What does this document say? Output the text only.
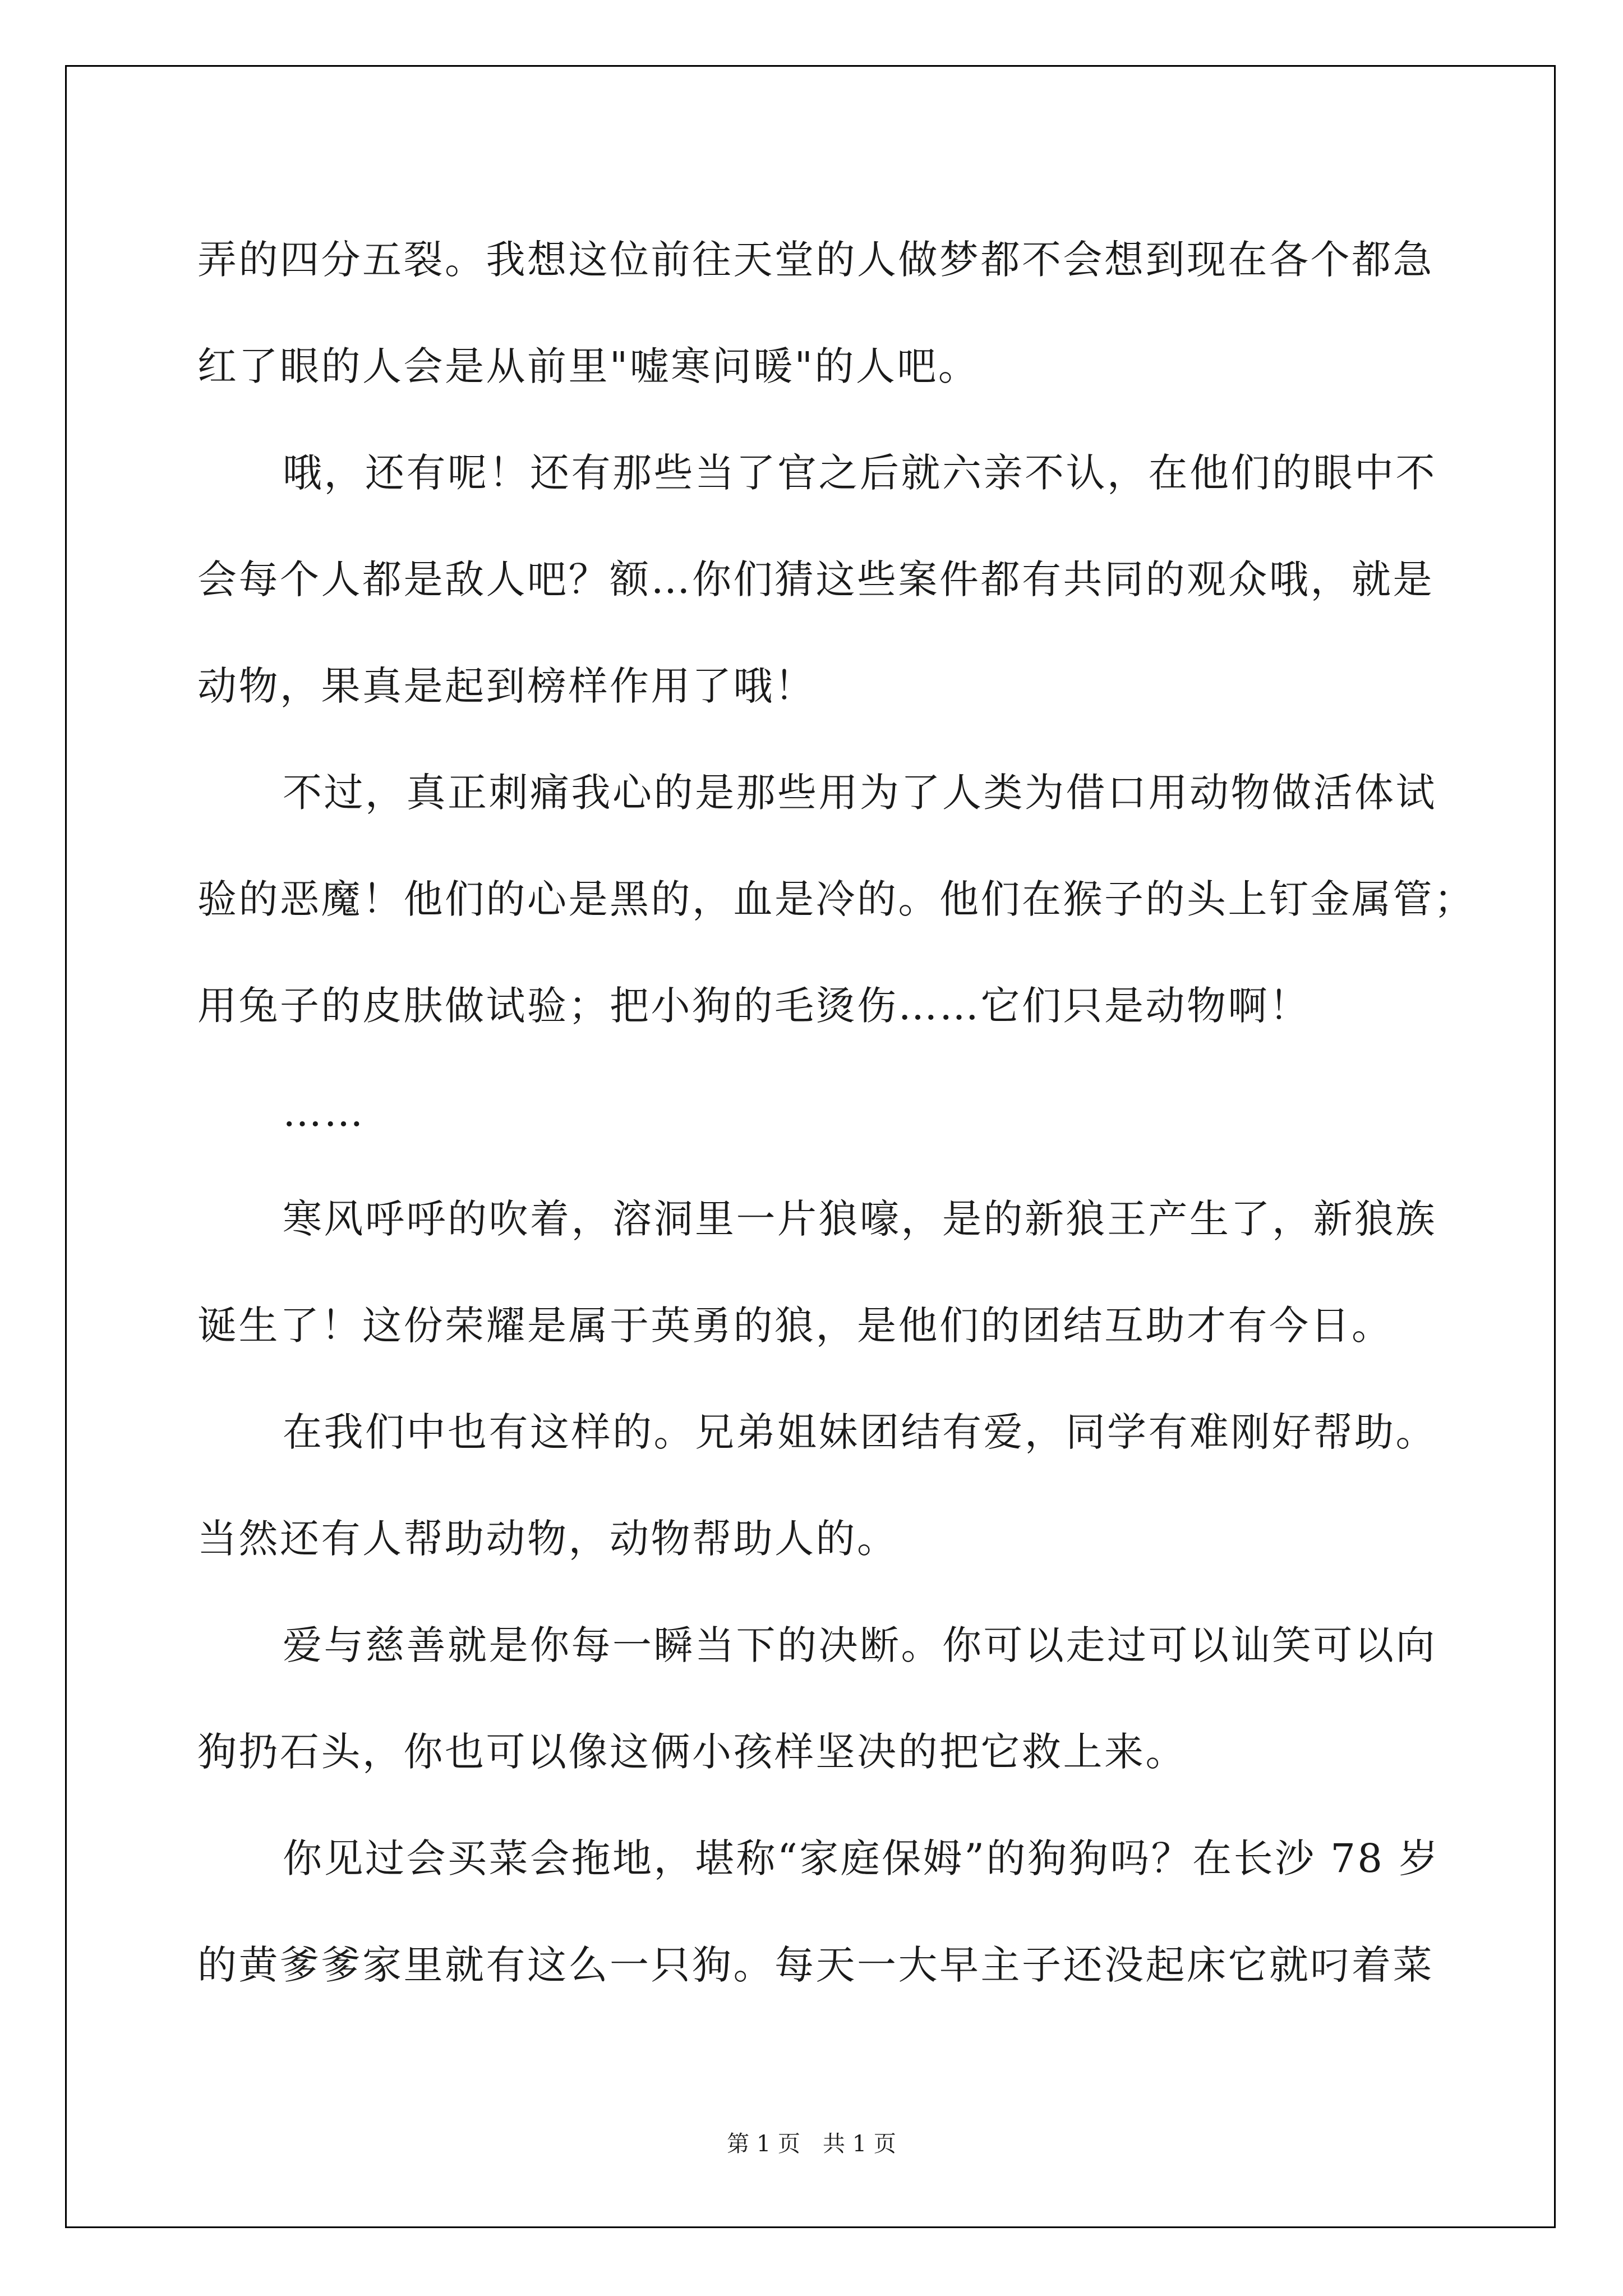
弄的四分五裂。我想这位前往天堂的人做梦都不会想到现在各个都急
红了眼的人会是从前里"嘘寒问暖"的人吧。
哦，还有呢！还有那些当了官之后就六亲不认，在他们的眼中不
会每个人都是敌人吧？额…你们猜这些案件都有共同的观众哦，就是
动物，果真是起到榜样作用了哦！
不过，真正刺痛我心的是那些用为了人类为借口用动物做活体试
验的恶魔！他们的心是黑的，血是冷的。他们在猴子的头上钉金属管；
用兔子的皮肤做试验；把小狗的毛烫伤……它们只是动物啊！
……
寒风呼呼的吹着，溶洞里一片狼嚎，是的新狼王产生了，新狼族
诞生了！这份荣耀是属于英勇的狼，是他们的团结互助才有今日。
在我们中也有这样的。兄弟姐妹团结有爱，同学有难刚好帮助。
当然还有人帮助动物，动物帮助人的。
爱与慈善就是你每一瞬当下的决断。你可以走过可以讪笑可以向
狗扔石头，你也可以像这俩小孩样坚决的把它救上来。
你见过会买菜会拖地，堪称“家庭保姆”的狗狗吗？在长沙 78 岁
的黄爹爹家里就有这么一只狗。每天一大早主子还没起床它就叼着菜
第 1 页　共 1 页
